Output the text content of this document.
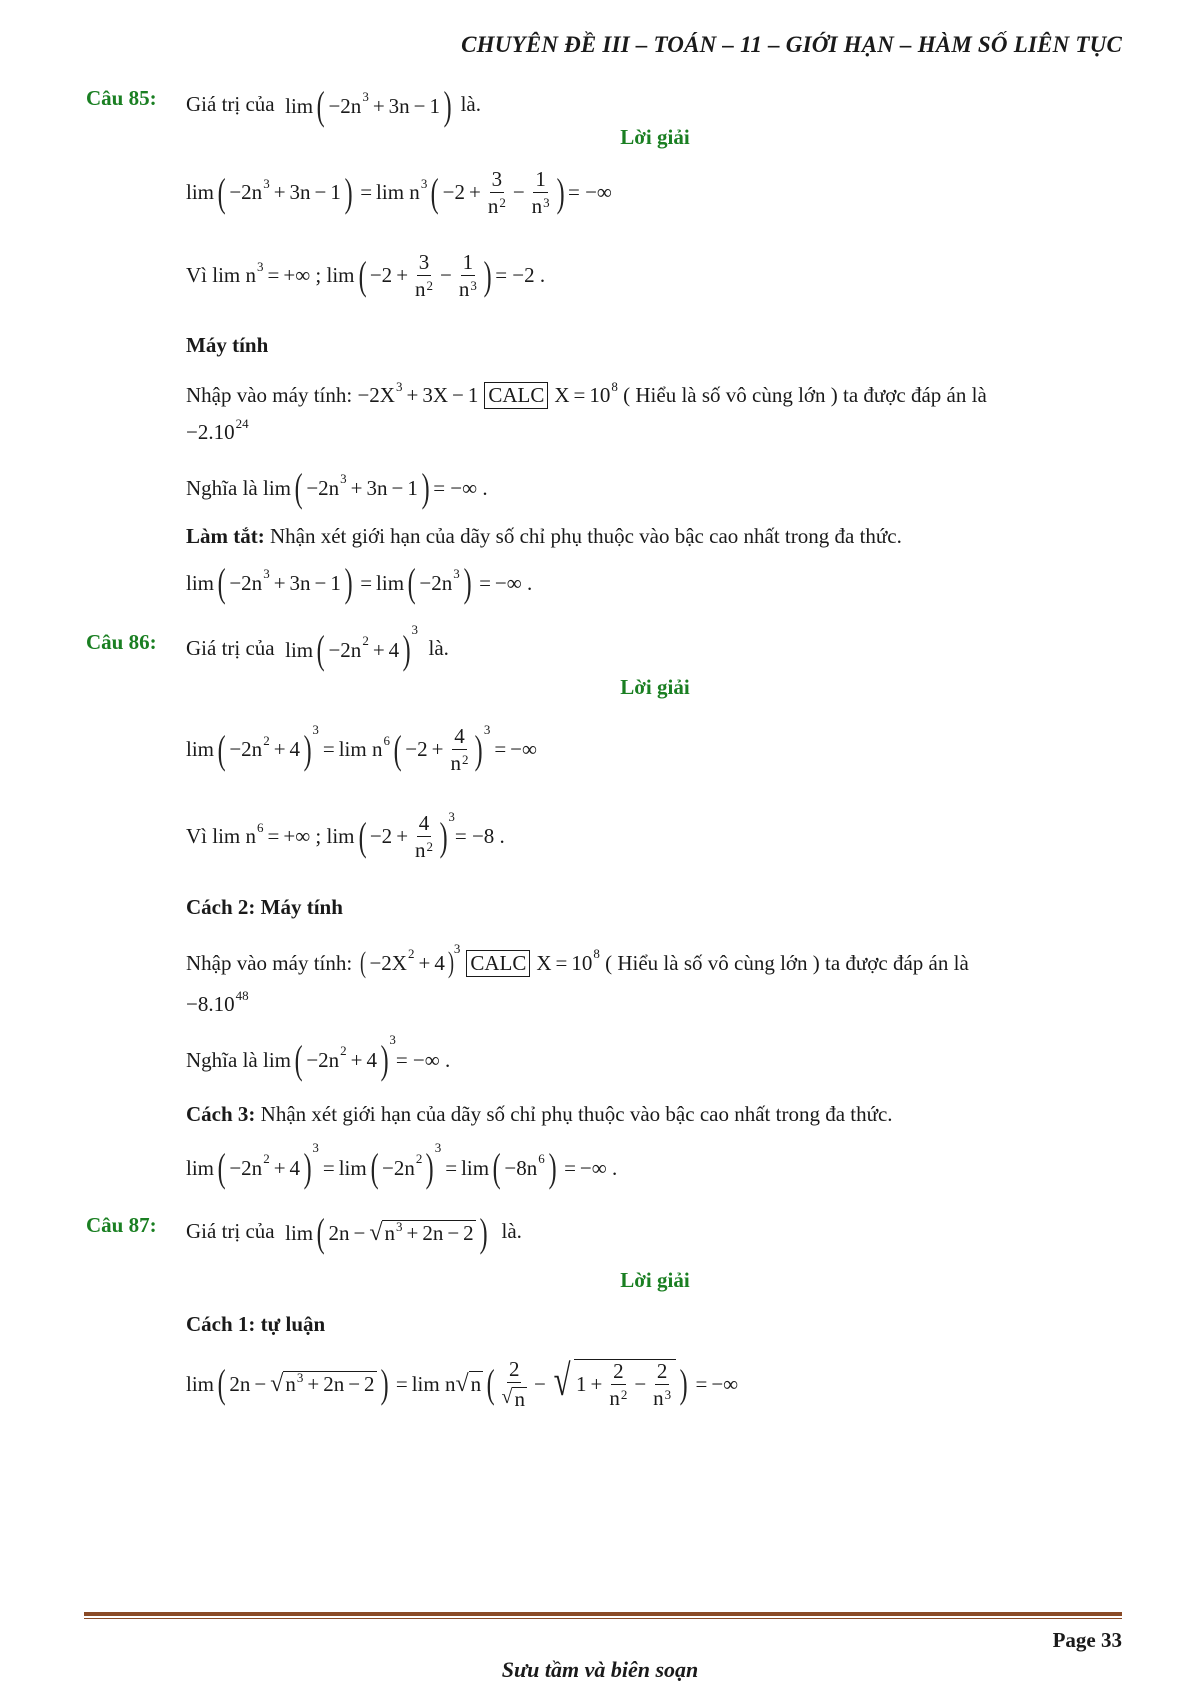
CHUYÊN ĐỀ III – TOÁN – 11 – GIỚI HẠN – HÀM SỐ LIÊN TỤC
Câu 85: Giá trị của  lim ( −2n 3 + 3n − 1 ) là.
Lời giải
lim ( −2n 3 + 3n − 1 ) = lim n 3 ( $-2 + \frac{3}{n^2} - \frac{1}{n^3}$ ) = −∞
Vì lim n 3 = +∞ ; lim ( $-2 + \frac{3}{n^2} - \frac{1}{n^3}$ ) = −2 .
Máy tính
Nhập vào máy tính: −2X 3 + 3X − 1 CALC X = 10 8
( Hiểu là số vô cùng lớn ) ta được đáp án là
−2.10 24
Nghĩa là lim ( −2n 3 + 3n − 1 ) = −∞ .
Làm tắt: Nhận xét giới hạn của dãy số chỉ phụ thuộc vào bậc cao nhất trong đa thức.
lim ( −2n 3 + 3n − 1 ) = lim ( −2n 3 ) = −∞ .
Câu 86: Giá trị của  lim ( −2n 2 + 4 ) 3
là.
Lời giải
lim ( −2n 2 + 4 ) 3
= lim n 6 ( $-2 + \frac{4}{n^2}$ ) 3
= −∞
Vì lim n 6 = +∞ ; lim ( $-2 + \frac{4}{n^2}$ ) 3
= −8 .
Cách 2: Máy tính
Nhập vào máy tính:
( −2X 2 + 4 ) 3
CALC X = 10 8
( Hiểu là số vô cùng lớn ) ta được đáp án là
−8.10 48
Nghĩa là lim ( −2n 2 + 4 ) 3
= −∞ .
Cách 3: Nhận xét giới hạn của dãy số chỉ phụ thuộc vào bậc cao nhất trong đa thức.
lim ( −2n 2 + 4 ) 3
= lim ( −2n 2 ) 3
= lim ( −8n 6 ) = −∞ .
Câu 87: Giá trị của  lim ( 2n − √ $n^3 + 2n - 2$ ) là.
Lời giải
Cách 1: tự luận
lim ( 2n − √ $n^3 + 2n - 2$ ) = lim n √ n ( $\frac{2}{√ n}$ − √ $1 + \frac{2}{n^2} - \frac{2}{n^3}$ ) = −∞
Page 33
Sưu tầm và biên soạn
